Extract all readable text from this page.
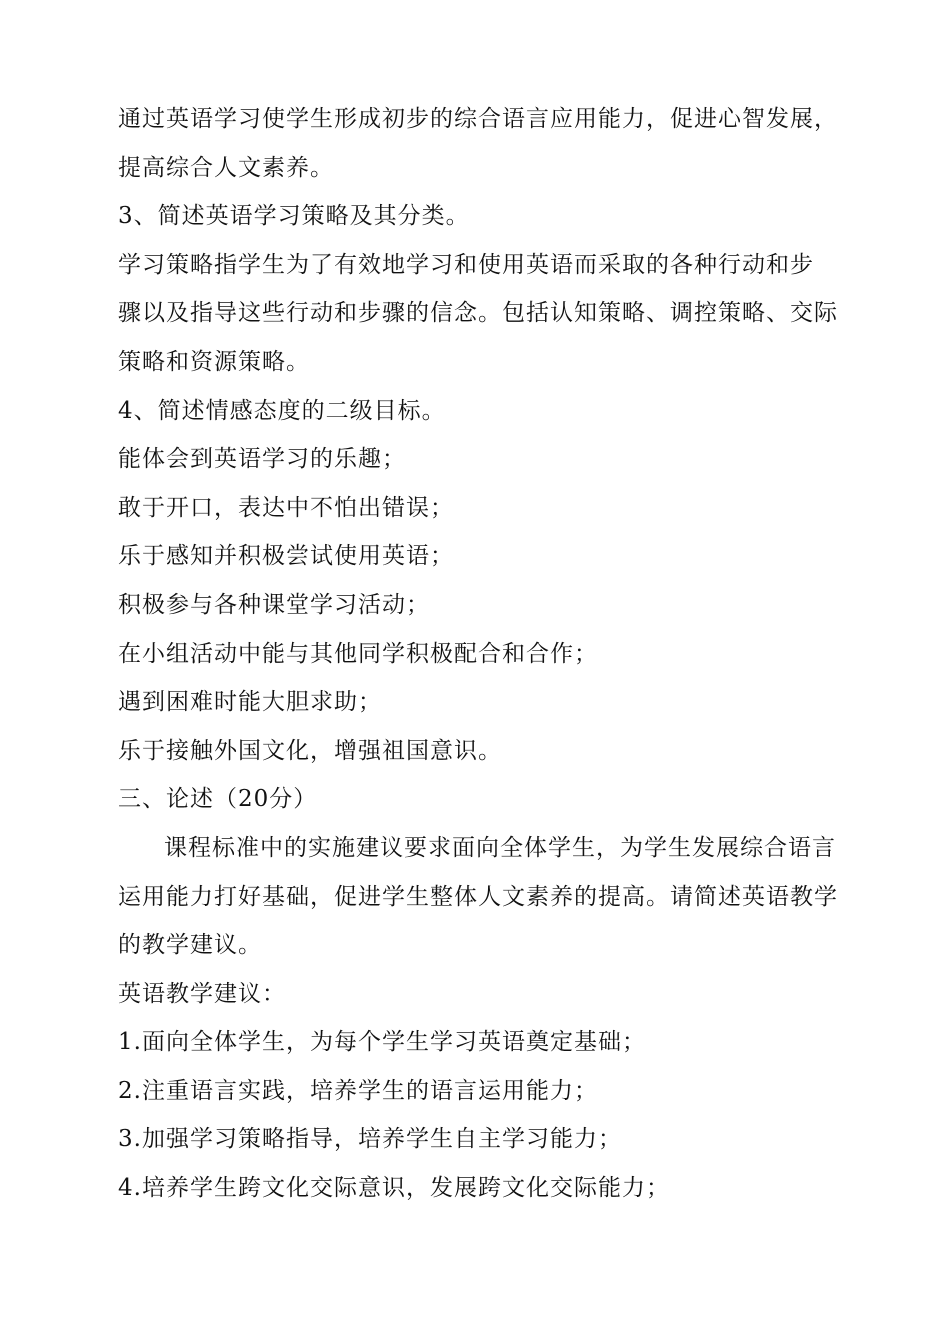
通过英语学习使学生形成初步的综合语言应用能力，促进心智发展，
提高综合人文素养。
3、简述英语学习策略及其分类。
学习策略指学生为了有效地学习和使用英语而采取的各种行动和步
骤以及指导这些行动和步骤的信念。包括认知策略、调控策略、交际
策略和资源策略。
4、简述情感态度的二级目标。
能体会到英语学习的乐趣；
敢于开口，表达中不怕出错误；
乐于感知并积极尝试使用英语；
积极参与各种课堂学习活动；
在小组活动中能与其他同学积极配合和合作；
遇到困难时能大胆求助；
乐于接触外国文化，增强祖国意识。
三、论述（20分）
课程标准中的实施建议要求面向全体学生，为学生发展综合语言
运用能力打好基础，促进学生整体人文素养的提高。请简述英语教学
的教学建议。
英语教学建议：
1.面向全体学生，为每个学生学习英语奠定基础；
2.注重语言实践，培养学生的语言运用能力；
3.加强学习策略指导，培养学生自主学习能力；
4.培养学生跨文化交际意识，发展跨文化交际能力；
